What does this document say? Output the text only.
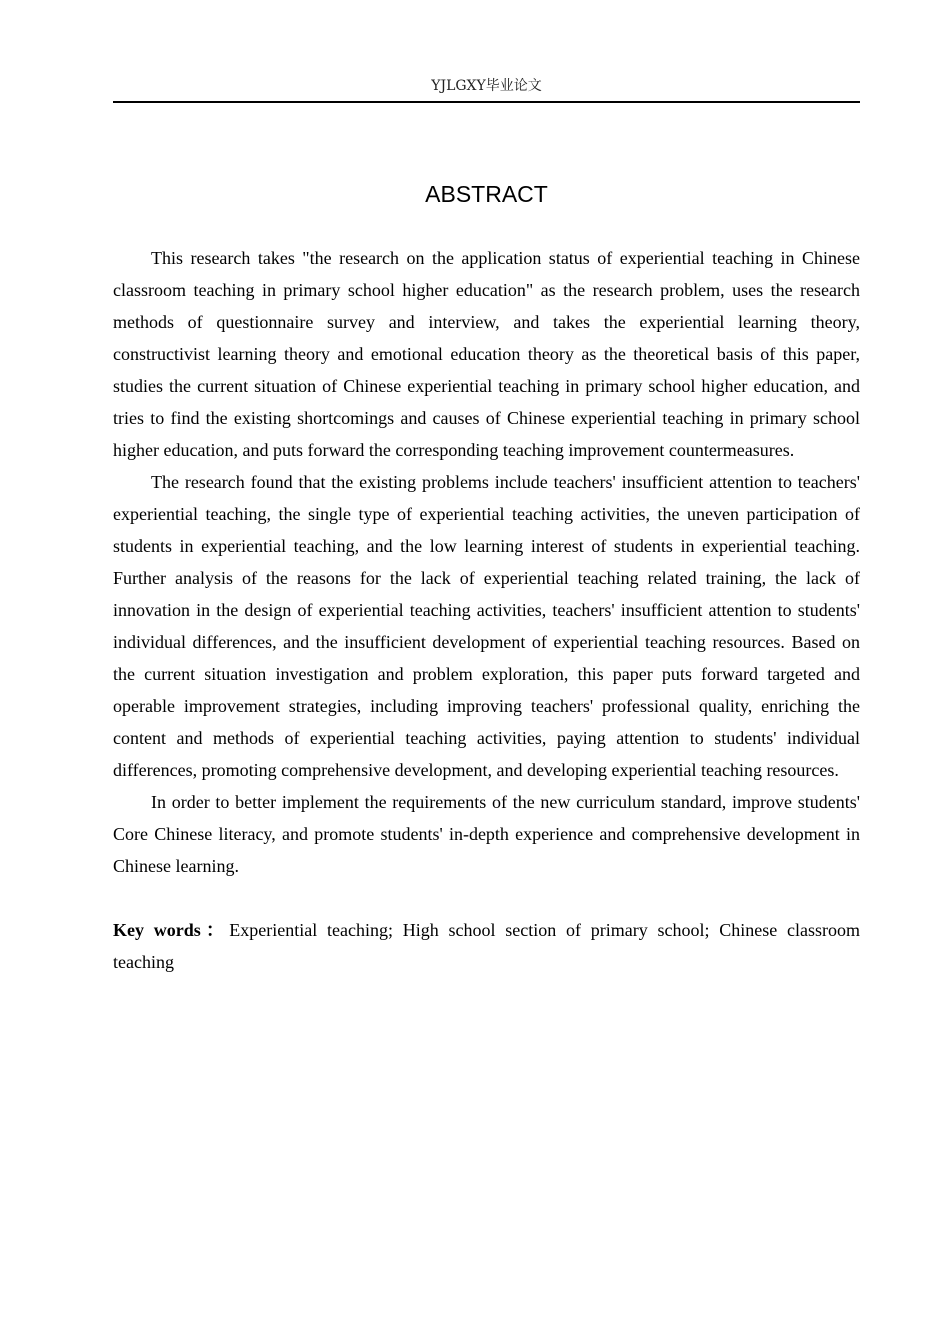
YJLGXY毕业论文
ABSTRACT

This research takes "the research on the application status of experiential teaching in Chinese classroom teaching in primary school higher education" as the research problem, uses the research methods of questionnaire survey and interview, and takes the experiential learning theory, constructivist learning theory and emotional education theory as the theoretical basis of this paper, studies the current situation of Chinese experiential teaching in primary school higher education, and tries to find the existing shortcomings and causes of Chinese experiential teaching in primary school higher education, and puts forward the corresponding teaching improvement countermeasures.

The research found that the existing problems include teachers' insufficient attention to teachers' experiential teaching, the single type of experiential teaching activities, the uneven participation of students in experiential teaching, and the low learning interest of students in experiential teaching. Further analysis of the reasons for the lack of experiential teaching related training, the lack of innovation in the design of experiential teaching activities, teachers' insufficient attention to students' individual differences, and the insufficient development of experiential teaching resources. Based on the current situation investigation and problem exploration, this paper puts forward targeted and operable improvement strategies, including improving teachers' professional quality, enriching the content and methods of experiential teaching activities, paying attention to students' individual differences, promoting comprehensive development, and developing experiential teaching resources.

In order to better implement the requirements of the new curriculum standard, improve students' Core Chinese literacy, and promote students' in-depth experience and comprehensive development in Chinese learning.

Key words：Experiential teaching; High school section of primary school; Chinese classroom teaching
